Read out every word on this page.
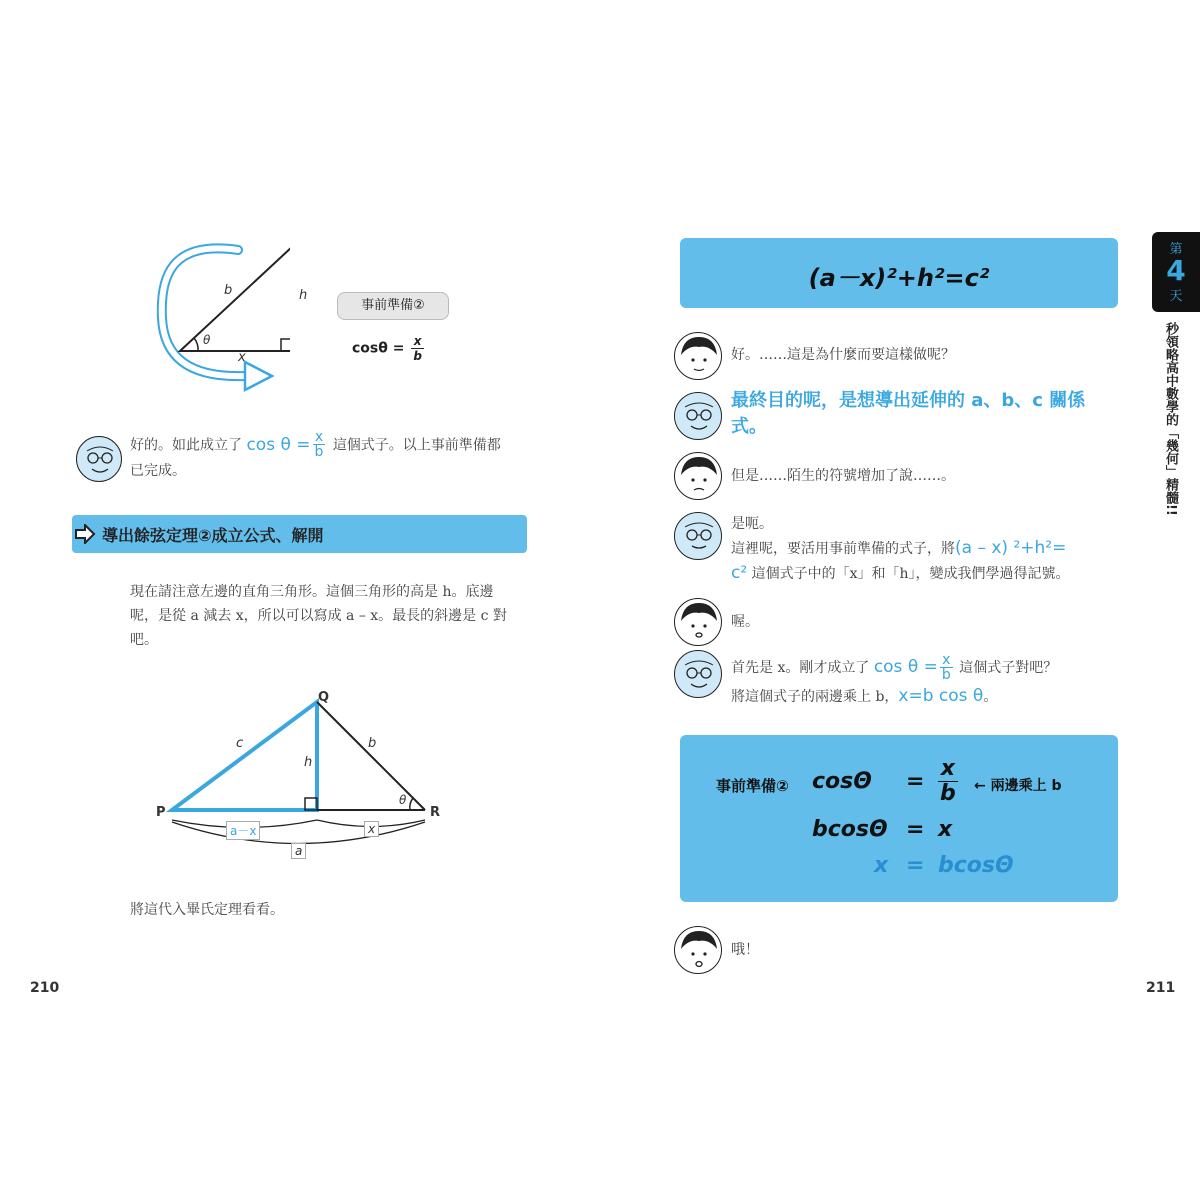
b	h
θ
x
事前準備②
$\cos\theta = \frac{x}{b}$
好的。如此成立了 $\cos \theta = \frac{x}{b}$ 這個式子。以上事前準備都
已完成。
導出餘弦定理②成立公式、解開
現在請注意左邊的直角三角形。這個三角形的高是 h。底邊
呢，是從 a 減去 x，所以可以寫成 a – x。最長的斜邊是 c 對
吧。
Q
P	R
c	b
h
θ
a－x	x
a
將這代入畢氏定理看看。
210
(a－x)²+h²=c²
好。……這是為什麼而要這樣做呢？
最終目的呢，是想導出延伸的 a、b、c 關係
式。
但是……陌生的符號增加了說……。
是呃。
這裡呢，要活用事前準備的式子，將(a – x) ²+h²=
c² 這個式子中的「x」和「h」，變成我們學過得記號。
喔。
首先是 x。剛才成立了 $\cos \theta = \frac{x}{b}$ 這個式子對吧？
將這個式子的兩邊乘上 b，x=b cos θ。
事前準備② $\cos\Theta = \frac{x}{b}$ ← 兩邊乘上 b
bcosΘ = x
x = bcosΘ
哦！
211
第
4
天
秒領略高中數學的「幾何」精髓!!
